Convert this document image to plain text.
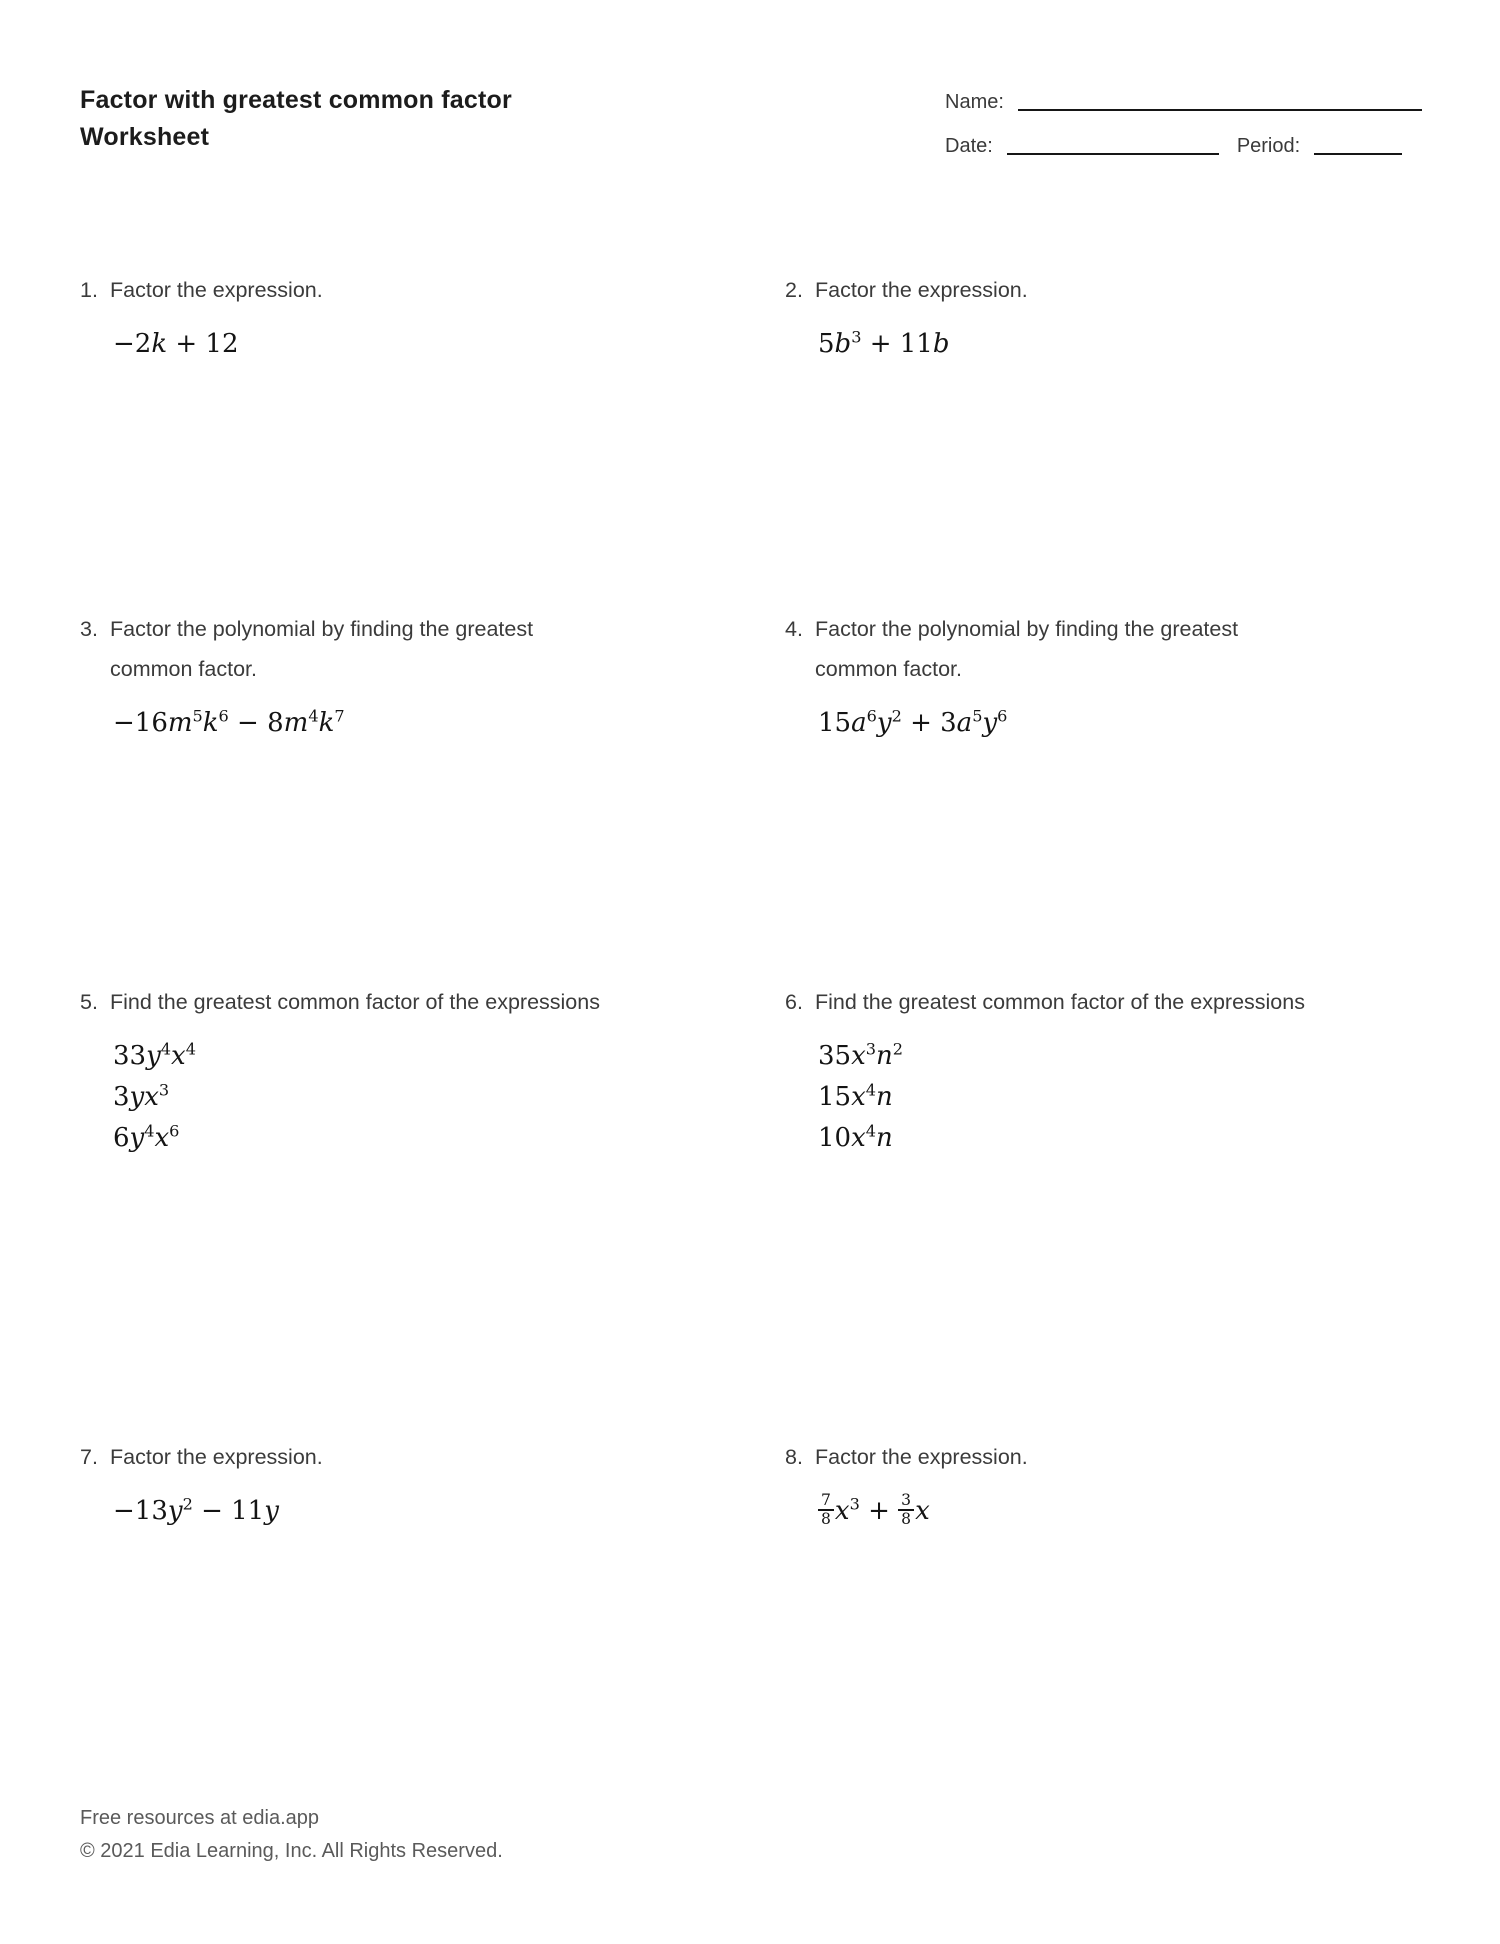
Factor with greatest common factor
Worksheet
Name:
Date:	Period:
1. Factor the expression.
−2k + 12
2. Factor the expression.
$5b^3 + 11b$
3. Factor the polynomial by finding the greatest common factor.
$-16m^5k^6 - 8m^4k^7$
4. Factor the polynomial by finding the greatest common factor.
$15a^6y^2 + 3a^5y^6$
5. Find the greatest common factor of the expressions
$33y^4x^4$
$3yx^3$
$6y^4x^6$
6. Find the greatest common factor of the expressions
$35x^3n^2$
$15x^4n$
$10x^4n$
7. Factor the expression.
$-13y^2 - 11y$
8. Factor the expression.
$\frac{7}{8} x^3 + \frac{3}{8}$ x
Free resources at edia.app
© 2021 Edia Learning, Inc. All Rights Reserved.
